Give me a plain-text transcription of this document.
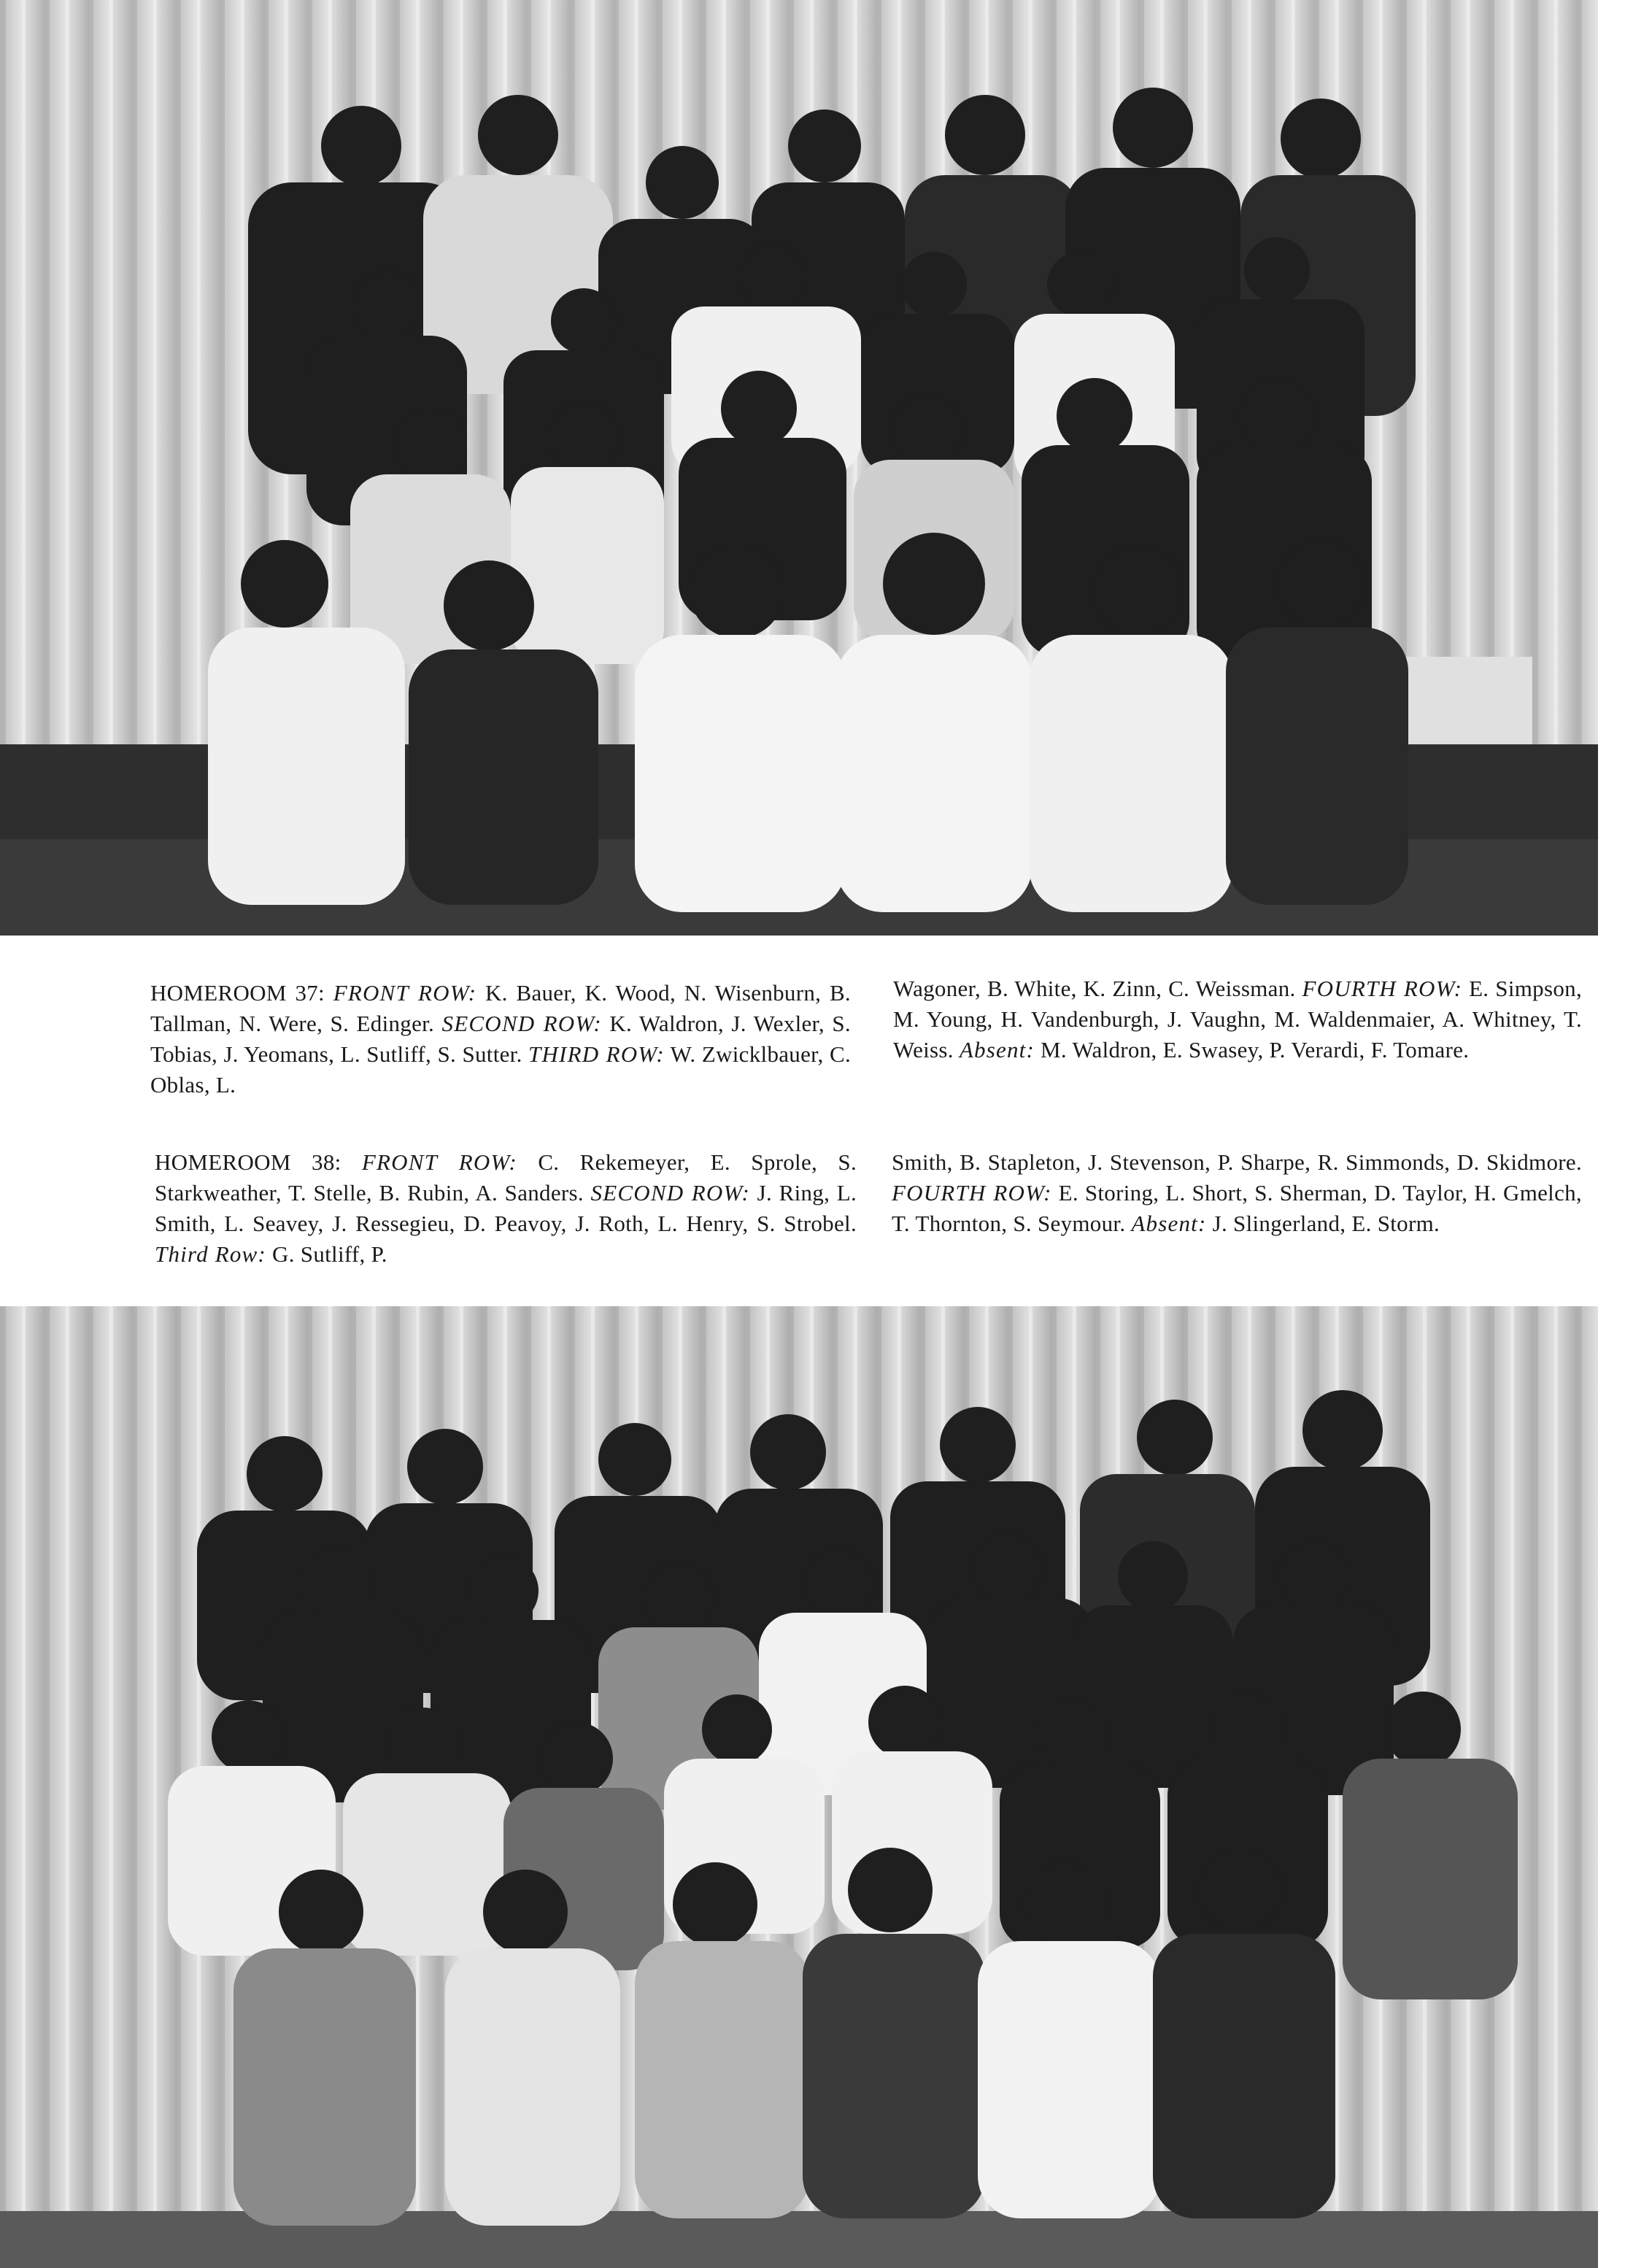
HOMEROOM 37: FRONT ROW: K. Bauer, K. Wood, N. Wisenburn, B. Tallman, N. Were, S. Edinger. SECOND ROW: K. Waldron, J. Wexler, S. Tobias, J. Yeomans, L. Sutliff, S. Sutter. THIRD ROW: W. Zwicklbauer, C. Oblas, L.

Wagoner, B. White, K. Zinn, C. Weissman. FOURTH ROW: E. Simpson, M. Young, H. Vandenburgh, J. Vaughn, M. Waldenmaier, A. Whitney, T. Weiss. Absent: M. Waldron, E. Swasey, P. Verardi, F. Tomare.

HOMEROOM 38: FRONT ROW: C. Rekemeyer, E. Sprole, S. Starkweather, T. Stelle, B. Rubin, A. Sanders. SECOND ROW: J. Ring, L. Smith, L. Seavey, J. Ressegieu, D. Peavoy, J. Roth, L. Henry, S. Strobel. Third Row: G. Sutliff, P.

Smith, B. Stapleton, J. Stevenson, P. Sharpe, R. Simmonds, D. Skidmore. FOURTH ROW: E. Storing, L. Short, S. Sherman, D. Taylor, H. Gmelch, T. Thornton, S. Seymour. Absent: J. Slingerland, E. Storm.
